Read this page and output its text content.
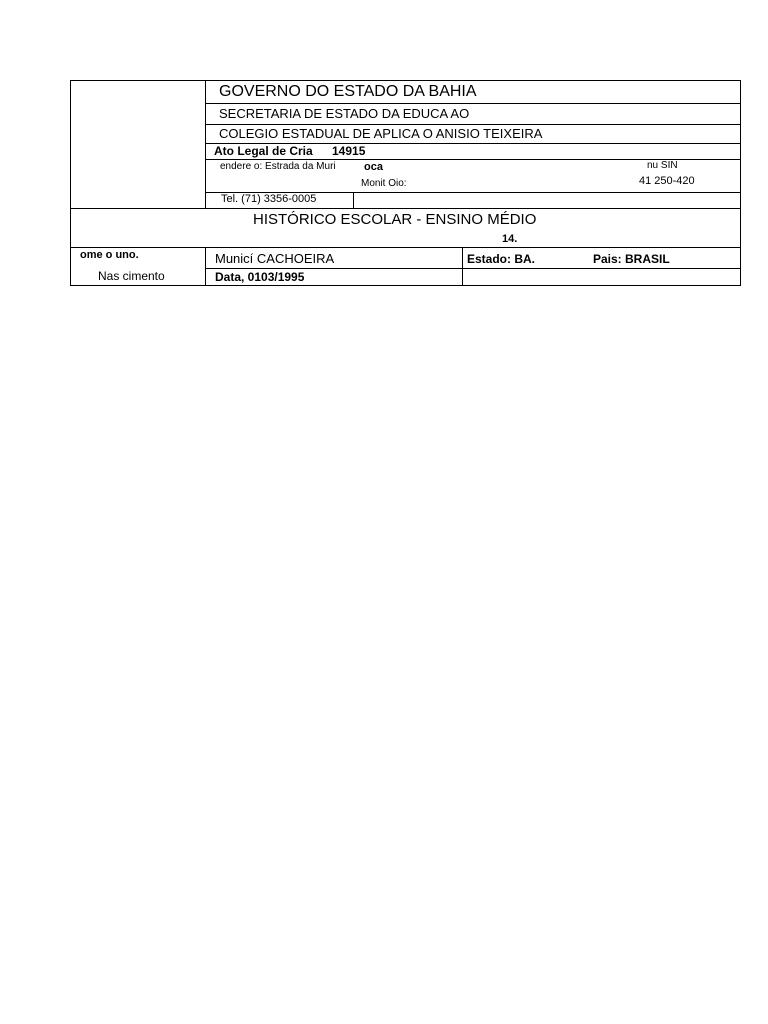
GOVERNO DO ESTADO DA BAHIA
SECRETARIA DE ESTADO DA EDUCA AO
COLEGIO ESTADUAL DE APLICA O ANISIO TEIXEIRA
Ato Legal de Cria 14915
endere o: Estrada da Muri	oca
Monit Oio:
nu SIN
41 250-420
Tel. (71) 3356-0005
HISTÓRICO ESCOLAR - ENSINO MÉDIO
14.
ome o uno.
Nas cimento
Municí CACHOEIRA	Estado: BA.	Pais: BRASIL
Data, 0103/1995
